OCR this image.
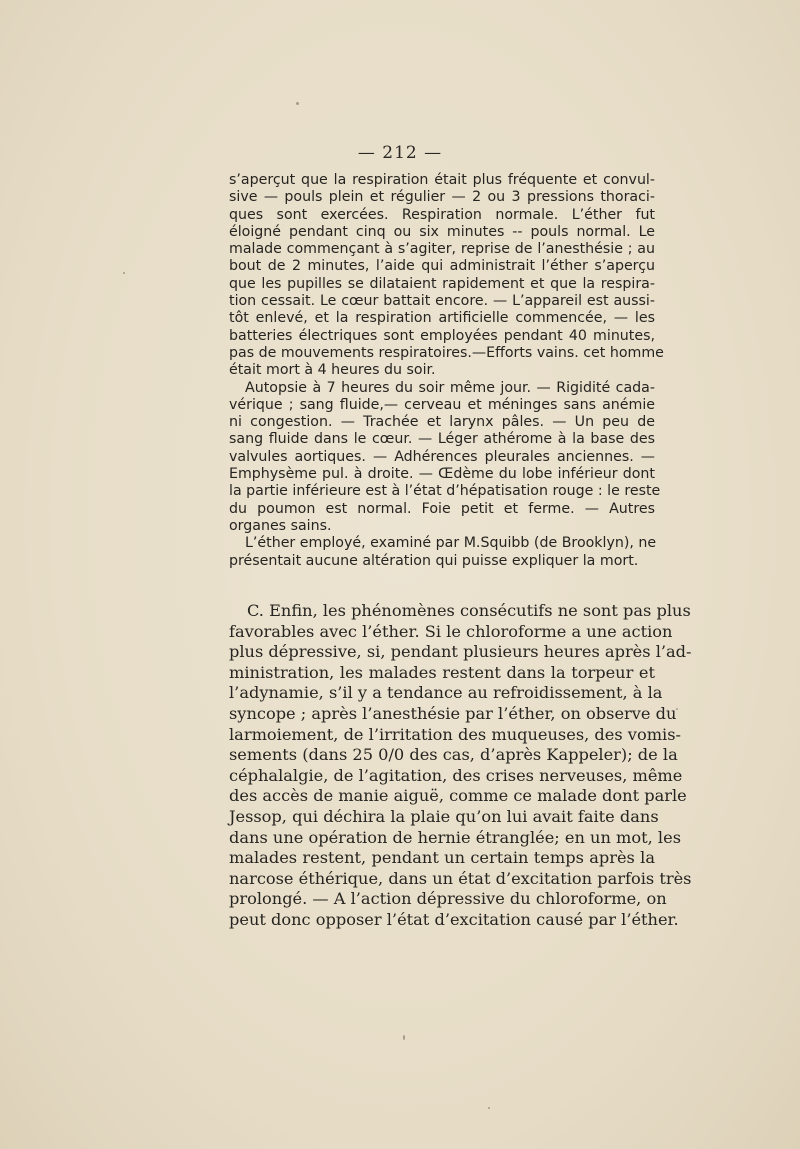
— 212 —
s’aperçut que la respiration était plus fréquente et convul-
sive — pouls plein et régulier — 2 ou 3 pressions thoraci-
ques sont exercées. Respiration normale. L’éther fut
éloigné pendant cinq ou six minutes -- pouls normal. Le
malade commençant à s’agiter, reprise de l’anesthésie ; au
bout de 2 minutes, l’aide qui administrait l’éther s’aperçu
que les pupilles se dilataient rapidement et que la respira-
tion cessait. Le cœur battait encore. — L’appareil est aussi-
tôt enlevé, et la respiration artificielle commencée, — les
batteries électriques sont employées pendant 40 minutes,
pas de mouvements respiratoires.—Efforts vains. cet homme
était mort à 4 heures du soir.
Autopsie à 7 heures du soir même jour. — Rigidité cada-
vérique ; sang fluide,— cerveau et méninges sans anémie
ni congestion. — Trachée et larynx pâles. — Un peu de
sang fluide dans le cœur. — Léger athérome à la base des
valvules aortiques. — Adhérences pleurales anciennes. —
Emphysème pul. à droite. — Œdème du lobe inférieur dont
la partie inférieure est à l’état d’hépatisation rouge : le reste
du poumon est normal. Foie petit et ferme. — Autres
organes sains.
L’éther employé, examiné par M.Squibb (de Brooklyn), ne
présentait aucune altération qui puisse expliquer la mort.
C. Enfin, les phénomènes consécutifs ne sont pas plus
favorables avec l’éther. Si le chloroforme a une action
plus dépressive, si, pendant plusieurs heures après l’ad-
ministration, les malades restent dans la torpeur et
l’adynamie, s’il y a tendance au refroidissement, à la
syncope ; après l’anesthésie par l’éther, on observe du
larmoiement, de l’irritation des muqueuses, des vomis-
sements (dans 25 0/0 des cas, d’après Kappeler); de la
céphalalgie, de l’agitation, des crises nerveuses, même
des accès de manie aiguë, comme ce malade dont parle
Jessop, qui déchira la plaie qu’on lui avait faite dans
dans une opération de hernie étranglée; en un mot, les
malades restent, pendant un certain temps après la
narcose éthérique, dans un état d’excitation parfois très
prolongé. — A l’action dépressive du chloroforme, on
peut donc opposer l’état d’excitation causé par l’éther.
